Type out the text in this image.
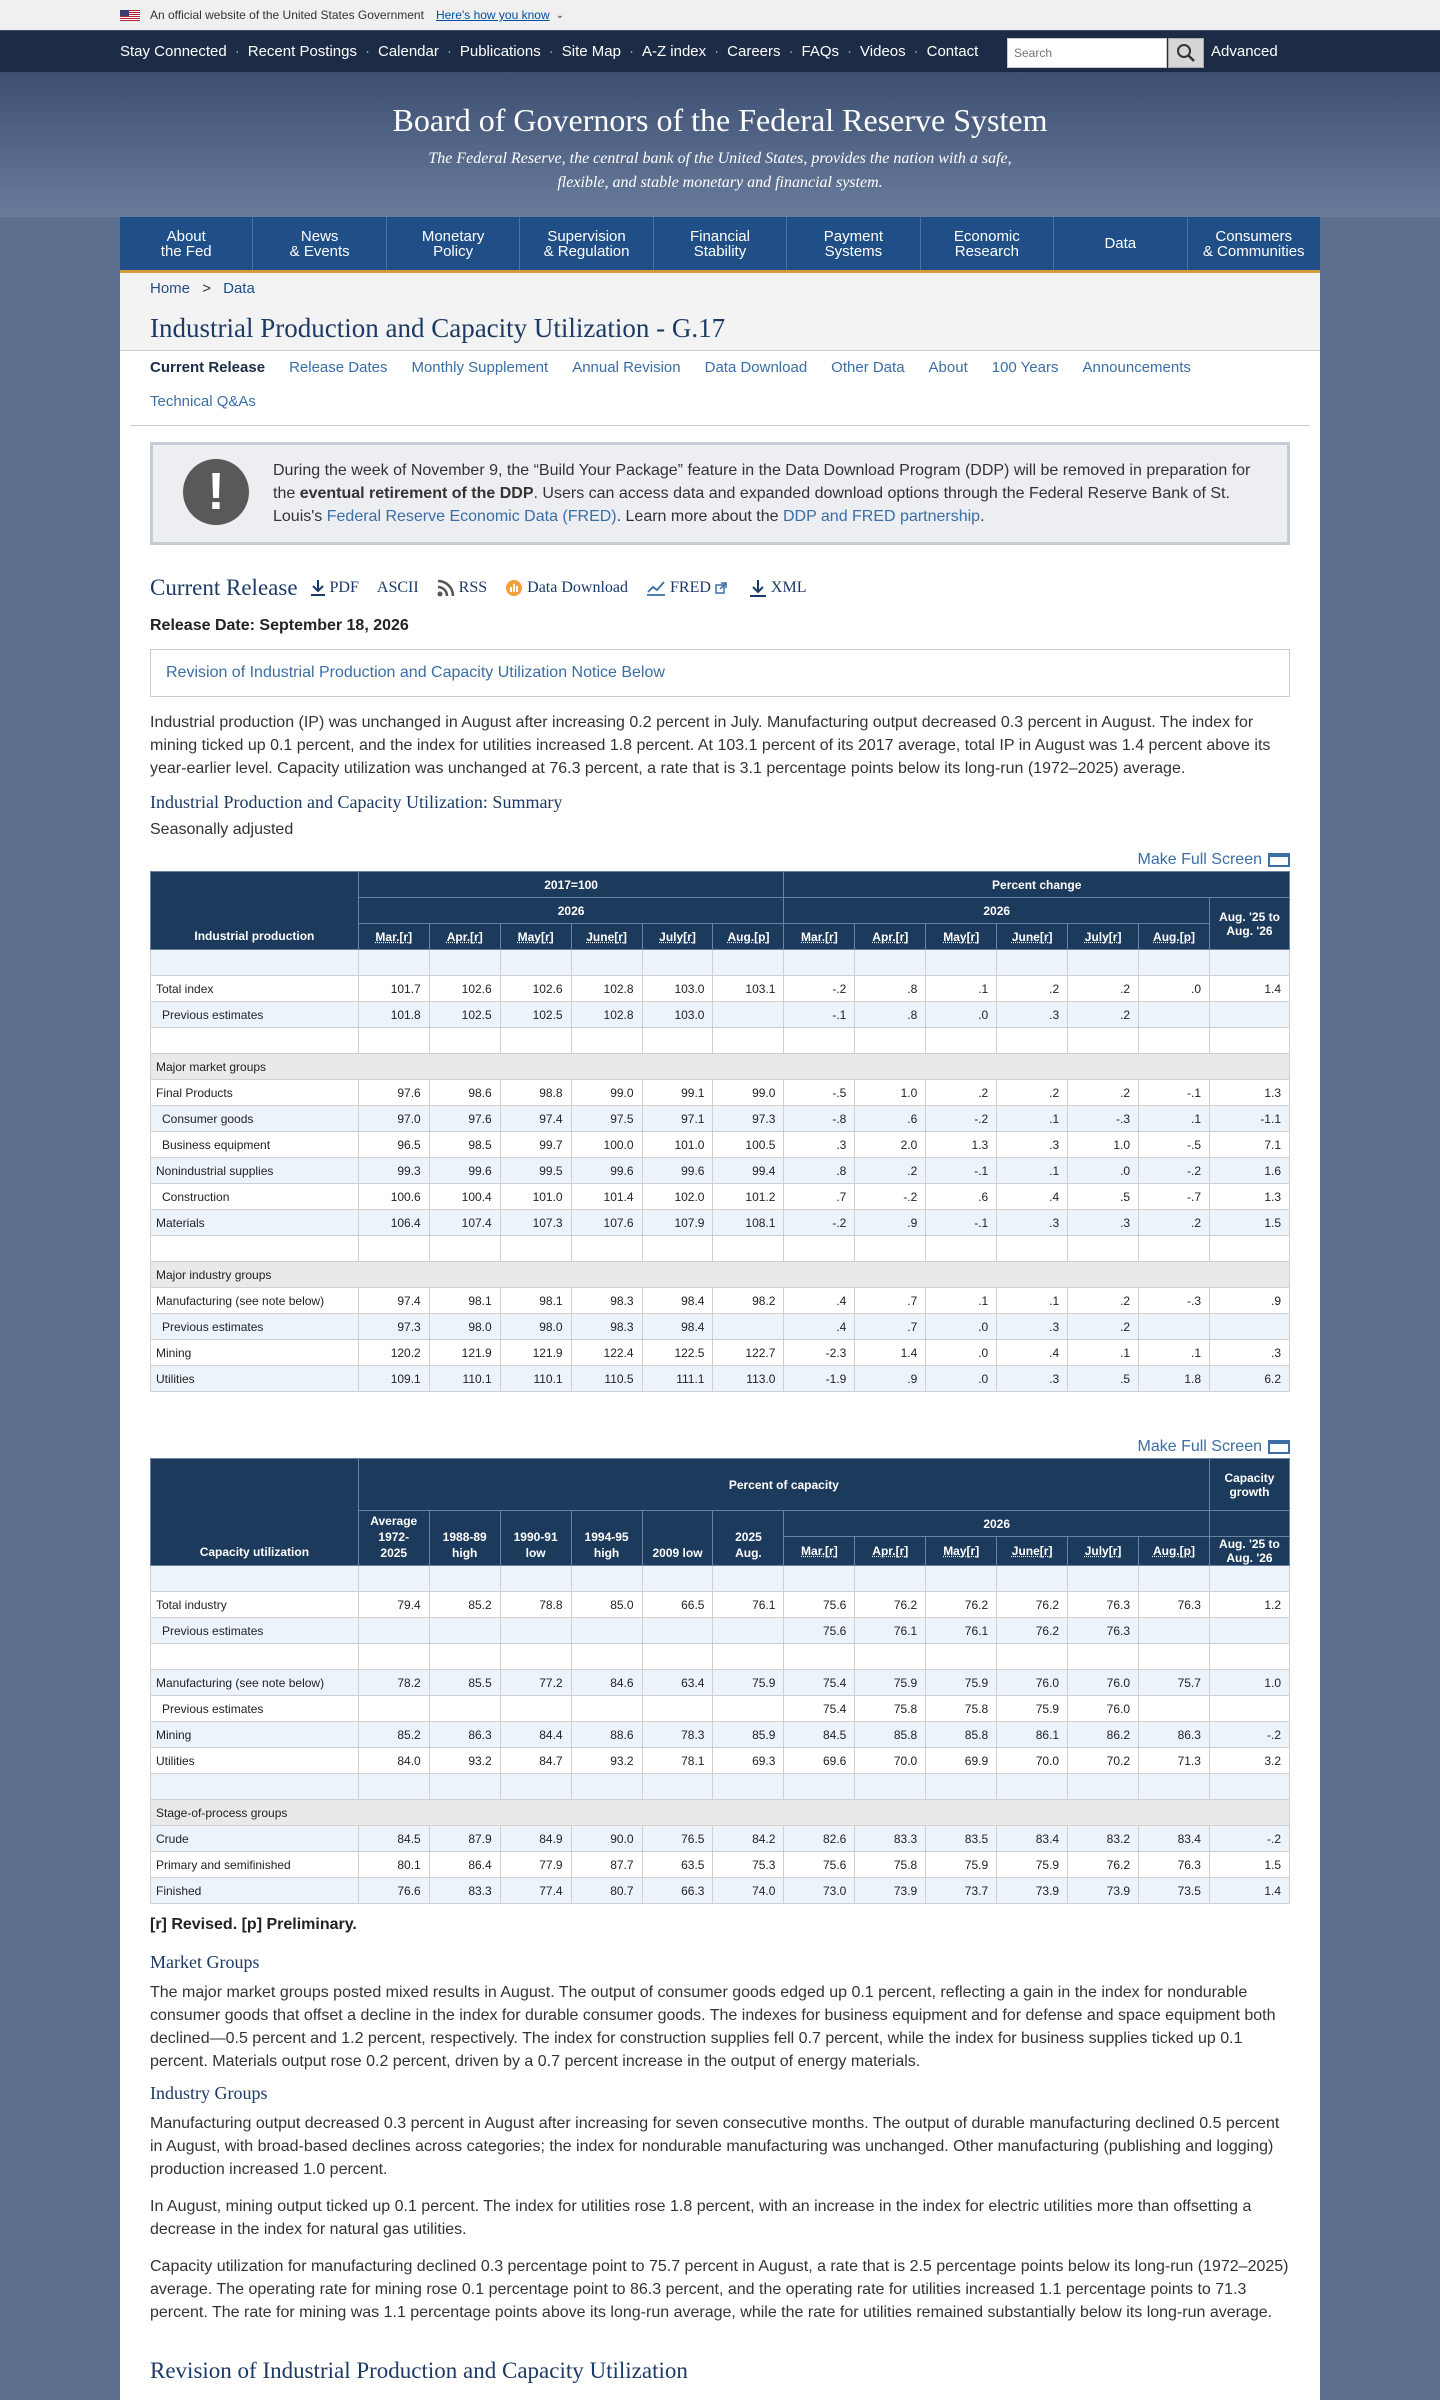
An official website of the United States Government Here's how you know ⌄
Stay Connected · Recent Postings · Calendar · Publications · Site Map · A-Z index · Careers · FAQs · Videos · Contact
Search	Advanced
Board of Governors of the Federal Reserve System
The Federal Reserve, the central bank of the United States, provides the nation with a safe, flexible, and stable monetary and financial system.
About
the Fed
News
& Events
Monetary
Policy
Supervision
& Regulation
Financial
Stability
Payment
Systems
Economic
Research	Data	Consumers
& Communities
Home > Data
Industrial Production and Capacity Utilization - G.17
Current Release	Release Dates	Monthly Supplement	Annual Revision	Data Download	Other Data	About	100 Years	Announcements
Technical Q&As
!	During the week of November 9, the “Build Your Package” feature in the Data Download Program (DDP) will be removed in preparation for the eventual retirement of the DDP. Users can access data and expanded download options through the Federal Reserve Bank of St. Louis's Federal Reserve Economic Data (FRED). Learn more about the DDP and FRED partnership.
Current Release PDF ASCII	RSS	Data Download	FRED	XML
Release Date: September 18, 2026
Revision of Industrial Production and Capacity Utilization Notice Below

Industrial production (IP) was unchanged in August after increasing 0.2 percent in July. Manufacturing output decreased 0.3 percent in August. The index for mining ticked up 0.1 percent, and the index for utilities increased 1.8 percent. At 103.1 percent of its 2017 average, total IP in August was 1.4 percent above its year-earlier level. Capacity utilization was unchanged at 76.3 percent, a rate that is 3.1 percentage points below its long-run (1972–2025) average.

Industrial Production and Capacity Utilization: Summary
Seasonally adjusted
Make Full Screen
Industrial production	2017=100						Percent change						
	2026						2026						Aug. '25 to Aug. '26
	Mar.[r]	Apr.[r]	May[r]	June[r]	July[r]	Aug.[p]	Mar.[r]	Apr.[r]	May[r]	June[r]	July[r]	Aug.[p]	

Total index	101.7	102.6	102.6	102.8	103.0	103.1	-.2	.8	.1	.2	.2	.0	1.4
Previous estimates	101.8	102.5	102.5	102.8	103.0		-.1	.8	.0	.3	.2		

Major market groups													
Final Products	97.6	98.6	98.8	99.0	99.1	99.0	-.5	1.0	.2	.2	.2	-.1	1.3
Consumer goods	97.0	97.6	97.4	97.5	97.1	97.3	-.8	.6	-.2	.1	-.3	.1	-1.1
Business equipment	96.5	98.5	99.7	100.0	101.0	100.5	.3	2.0	1.3	.3	1.0	-.5	7.1
Nonindustrial supplies	99.3	99.6	99.5	99.6	99.6	99.4	.8	.2	-.1	.1	.0	-.2	1.6
Construction	100.6	100.4	101.0	101.4	102.0	101.2	.7	-.2	.6	.4	.5	-.7	1.3
Materials	106.4	107.4	107.3	107.6	107.9	108.1	-.2	.9	-.1	.3	.3	.2	1.5

Major industry groups													
Manufacturing (see note below)	97.4	98.1	98.1	98.3	98.4	98.2	.4	.7	.1	.1	.2	-.3	.9
Previous estimates	97.3	98.0	98.0	98.3	98.4		.4	.7	.0	.3	.2		
Mining	120.2	121.9	121.9	122.4	122.5	122.7	-2.3	1.4	.0	.4	.1	.1	.3
Utilities	109.1	110.1	110.1	110.5	111.1	113.0	-1.9	.9	.0	.3	.5	1.8	6.2
Make Full Screen
Capacity utilization	Percent of capacity												Capacity growth
	Average 1972-2025	1988-89 high	1990-91 low	1994-95 high	2009 low	2025 Aug.	2026						
							Mar.[r]	Apr.[r]	May[r]	June[r]	July[r]	Aug.[p]	Aug. '25 to Aug. '26

Total industry	79.4	85.2	78.8	85.0	66.5	76.1	75.6	76.2	76.2	76.2	76.3	76.3	1.2
Previous estimates							75.6	76.1	76.1	76.2	76.3		

Manufacturing (see note below)	78.2	85.5	77.2	84.6	63.4	75.9	75.4	75.9	75.9	76.0	76.0	75.7	1.0
Previous estimates							75.4	75.8	75.8	75.9	76.0		
Mining	85.2	86.3	84.4	88.6	78.3	85.9	84.5	85.8	85.8	86.1	86.2	86.3	-.2
Utilities	84.0	93.2	84.7	93.2	78.1	69.3	69.6	70.0	69.9	70.0	70.2	71.3	3.2

Stage-of-process groups													
Crude	84.5	87.9	84.9	90.0	76.5	84.2	82.6	83.3	83.5	83.4	83.2	83.4	-.2
Primary and semifinished	80.1	86.4	77.9	87.7	63.5	75.3	75.6	75.8	75.9	75.9	76.2	76.3	1.5
Finished	76.6	83.3	77.4	80.7	66.3	74.0	73.0	73.9	73.7	73.9	73.9	73.5	1.4
[r] Revised. [p] Preliminary.
Market Groups

The major market groups posted mixed results in August. The output of consumer goods edged up 0.1 percent, reflecting a gain in the index for nondurable consumer goods that offset a decline in the index for durable consumer goods. The indexes for business equipment and for defense and space equipment both declined—0.5 percent and 1.2 percent, respectively. The index for construction supplies fell 0.7 percent, while the index for business supplies ticked up 0.1 percent. Materials output rose 0.2 percent, driven by a 0.7 percent increase in the output of energy materials.

Industry Groups

Manufacturing output decreased 0.3 percent in August after increasing for seven consecutive months. The output of durable manufacturing declined 0.5 percent in August, with broad-based declines across categories; the index for nondurable manufacturing was unchanged. Other manufacturing (publishing and logging) production increased 1.0 percent.

In August, mining output ticked up 0.1 percent. The index for utilities rose 1.8 percent, with an increase in the index for electric utilities more than offsetting a decrease in the index for natural gas utilities.

Capacity utilization for manufacturing declined 0.3 percentage point to 75.7 percent in August, a rate that is 2.5 percentage points below its long-run (1972–2025) average. The operating rate for mining rose 0.1 percentage point to 86.3 percent, and the operating rate for utilities increased 1.1 percentage points to 71.3 percent. The rate for mining was 1.1 percentage points above its long-run average, while the rate for utilities remained substantially below its long-run average.

Revision of Industrial Production and Capacity Utilization
